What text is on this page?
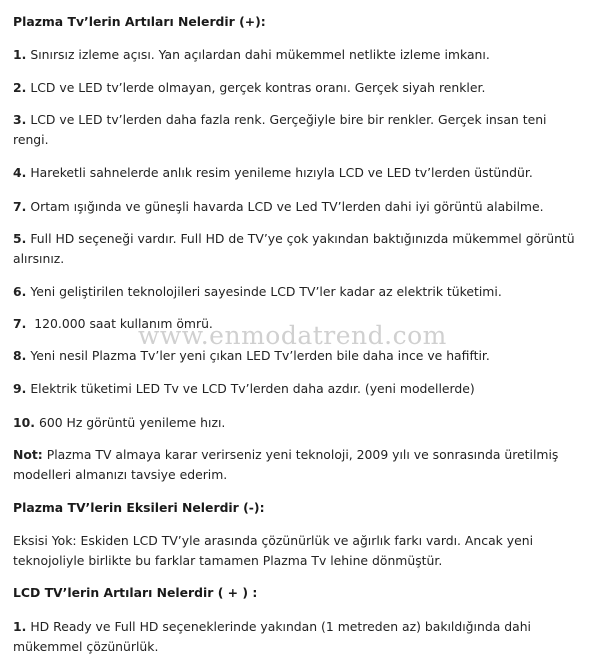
Plazma Tv’lerin Artıları Nelerdir (+):

1. Sınırsız izleme açısı. Yan açılardan dahi mükemmel netlikte izleme imkanı.

2. LCD ve LED tv’lerde olmayan, gerçek kontras oranı. Gerçek siyah renkler.

3. LCD ve LED tv’lerden daha fazla renk. Gerçeğiyle bire bir renkler. Gerçek insan teni rengi.

4. Hareketli sahnelerde anlık resim yenileme hızıyla LCD ve LED tv’lerden üstündür.

7. Ortam ışığında ve güneşli havarda LCD ve Led TV’lerden dahi iyi görüntü alabilme.

5. Full HD seçeneği vardır. Full HD de TV’ye çok yakından baktığınızda mükemmel görüntü alırsınız.

6. Yeni geliştirilen teknolojileri sayesinde LCD TV’ler kadar az elektrik tüketimi.

7. 120.000 saat kullanım ömrü.

8. Yeni nesil Plazma Tv’ler yeni çıkan LED Tv’lerden bile daha ince ve hafiftir.

9. Elektrik tüketimi LED Tv ve LCD Tv’lerden daha azdır. (yeni modellerde)

10. 600 Hz görüntü yenileme hızı.

Not: Plazma TV almaya karar verirseniz yeni teknoloji, 2009 yılı ve sonrasında üretilmiş modelleri almanızı tavsiye ederim.

Plazma TV’lerin Eksileri Nelerdir (-):

Eksisi Yok: Eskiden LCD TV’yle arasında çözünürlük ve ağırlık farkı vardı. Ancak yeni teknojoliyle birlikte bu farklar tamamen Plazma Tv lehine dönmüştür.

LCD TV’lerin Artıları Nelerdir ( + ) :

1. HD Ready ve Full HD seçeneklerinde yakından (1 metreden az) bakıldığında dahi mükemmel çözünürlük.

www.enmodatrend.com
